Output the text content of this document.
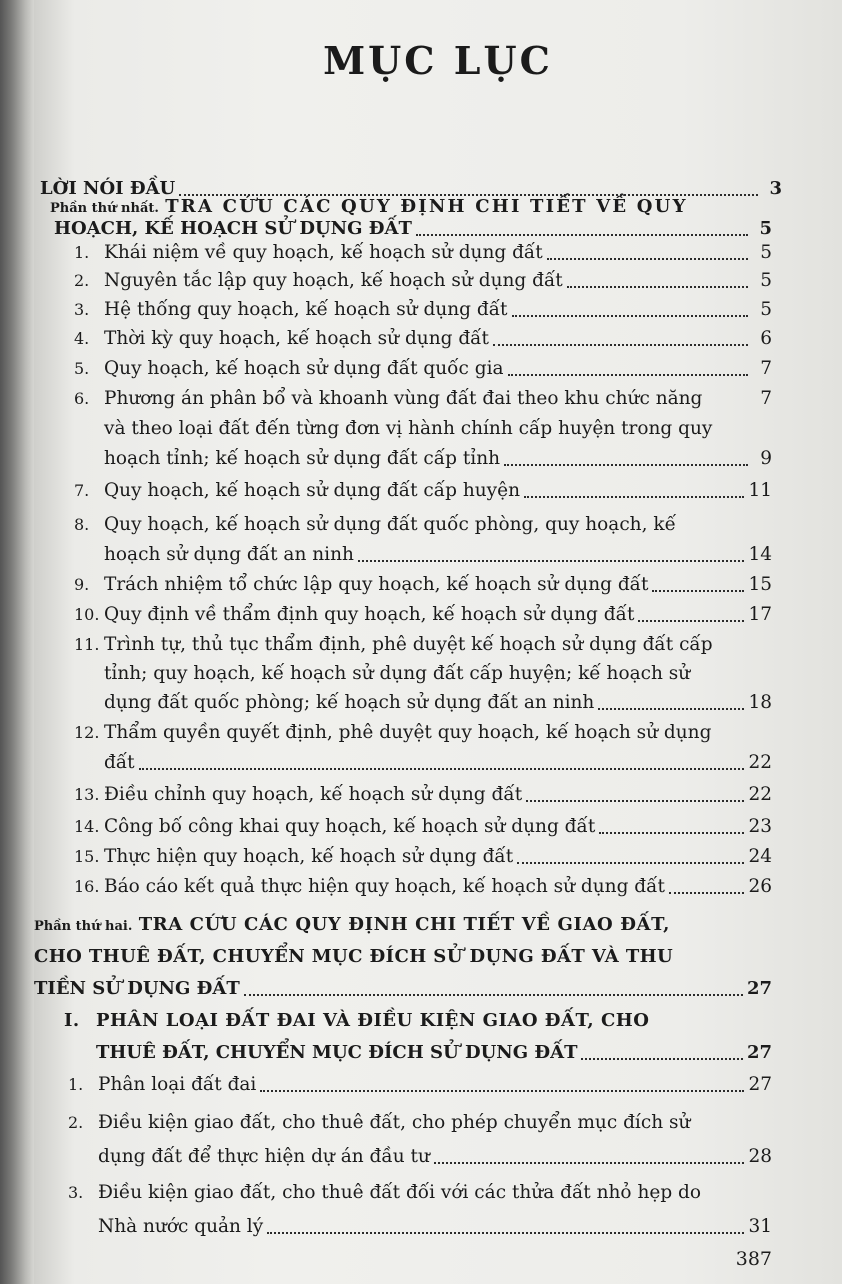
MỤC LỤC
LỜI NÓI ĐẦU	3
Phần thứ nhất. TRA CỨU CÁC QUY ĐỊNH CHI TIẾT VỀ QUY
HOẠCH, KẾ HOẠCH SỬ DỤNG ĐẤT	5
1. Khái niệm về quy hoạch, kế hoạch sử dụng đất	5
2. Nguyên tắc lập quy hoạch, kế hoạch sử dụng đất	5
3. Hệ thống quy hoạch, kế hoạch sử dụng đất	5
4. Thời kỳ quy hoạch, kế hoạch sử dụng đất	6
5. Quy hoạch, kế hoạch sử dụng đất quốc gia	7
6. Phương án phân bổ và khoanh vùng đất đai theo khu chức năng	7
và theo loại đất đến từng đơn vị hành chính cấp huyện trong quy
hoạch tỉnh; kế hoạch sử dụng đất cấp tỉnh	9
7. Quy hoạch, kế hoạch sử dụng đất cấp huyện	11
8. Quy hoạch, kế hoạch sử dụng đất quốc phòng, quy hoạch, kế
hoạch sử dụng đất an ninh	14
9. Trách nhiệm tổ chức lập quy hoạch, kế hoạch sử dụng đất	15
10. Quy định về thẩm định quy hoạch, kế hoạch sử dụng đất	17
11. Trình tự, thủ tục thẩm định, phê duyệt kế hoạch sử dụng đất cấp
tỉnh; quy hoạch, kế hoạch sử dụng đất cấp huyện; kế hoạch sử
dụng đất quốc phòng; kế hoạch sử dụng đất an ninh	18
12. Thẩm quyền quyết định, phê duyệt quy hoạch, kế hoạch sử dụng
đất	22
13. Điều chỉnh quy hoạch, kế hoạch sử dụng đất	22
14. Công bố công khai quy hoạch, kế hoạch sử dụng đất	23
15. Thực hiện quy hoạch, kế hoạch sử dụng đất	24
16. Báo cáo kết quả thực hiện quy hoạch, kế hoạch sử dụng đất	26
Phần thứ hai. TRA CỨU CÁC QUY ĐỊNH CHI TIẾT VỀ GIAO ĐẤT,
CHO THUÊ ĐẤT, CHUYỂN MỤC ĐÍCH SỬ DỤNG ĐẤT VÀ THU
TIỀN SỬ DỤNG ĐẤT	27
I. PHÂN LOẠI ĐẤT ĐAI VÀ ĐIỀU KIỆN GIAO ĐẤT, CHO
THUÊ ĐẤT, CHUYỂN MỤC ĐÍCH SỬ DỤNG ĐẤT	27
1. Phân loại đất đai	27
2. Điều kiện giao đất, cho thuê đất, cho phép chuyển mục đích sử
dụng đất để thực hiện dự án đầu tư	28
3. Điều kiện giao đất, cho thuê đất đối với các thửa đất nhỏ hẹp do
Nhà nước quản lý	31
387
